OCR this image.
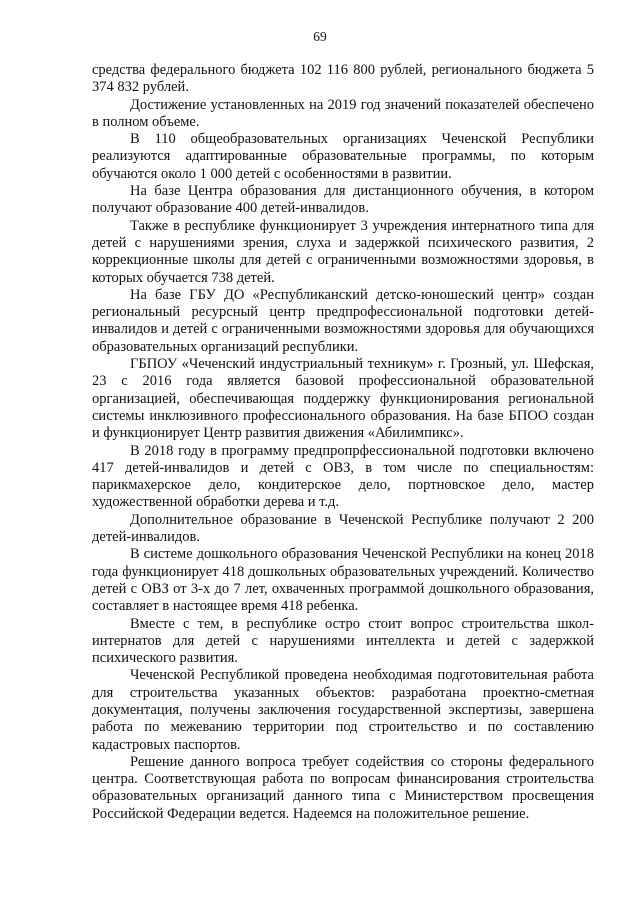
69

средства федерального бюджета 102 116 800 рублей, регионального бюджета 5 374 832 рублей.

Достижение установленных на 2019 год значений показателей обеспечено в полном объеме.

В 110 общеобразовательных организациях Чеченской Республики реализуются адаптированные образовательные программы, по которым обучаются около 1 000 детей с особенностями в развитии.

На базе Центра образования для дистанционного обучения, в котором получают образование 400 детей-инвалидов.

Также в республике функционирует 3 учреждения интернатного типа для детей с нарушениями зрения, слуха и задержкой психического развития, 2 коррекционные школы для детей с ограниченными возможностями здоровья, в которых обучается 738 детей.

На базе ГБУ ДО «Республиканский детско-юношеский центр» создан региональный ресурсный центр предпрофессиональной подготовки детей-инвалидов и детей с ограниченными возможностями здоровья для обучающихся образовательных организаций республики.

ГБПОУ «Чеченский индустриальный техникум» г. Грозный, ул. Шефская, 23 с 2016 года является базовой профессиональной образовательной организацией, обеспечивающая поддержку функционирования региональной системы инклюзивного профессионального образования. На базе БПОО создан и функционирует Центр развития движения «Абилимпикс».

В 2018 году в программу предпропрфессиональной подготовки включено 417 детей-инвалидов и детей с ОВЗ, в том числе по специальностям: парикмахерское дело, кондитерское дело, портновское дело, мастер художественной обработки дерева и т.д.

Дополнительное образование в Чеченской Республике получают 2 200 детей-инвалидов.

В системе дошкольного образования Чеченской Республики на конец 2018 года функционирует 418 дошкольных образовательных учреждений. Количество детей с ОВЗ от 3-х до 7 лет, охваченных программой дошкольного образования, составляет в настоящее время 418 ребенка.

Вместе с тем, в республике остро стоит вопрос строительства школ-интернатов для детей с нарушениями интеллекта и детей с задержкой психического развития.

Чеченской Республикой проведена необходимая подготовительная работа для строительства указанных объектов: разработана проектно-сметная документация, получены заключения государственной экспертизы, завершена работа по межеванию территории под строительство и по составлению кадастровых паспортов.

Решение данного вопроса требует содействия со стороны федерального центра. Соответствующая работа по вопросам финансирования строительства образовательных организаций данного типа с Министерством просвещения Российской Федерации ведется. Надеемся на положительное решение.
